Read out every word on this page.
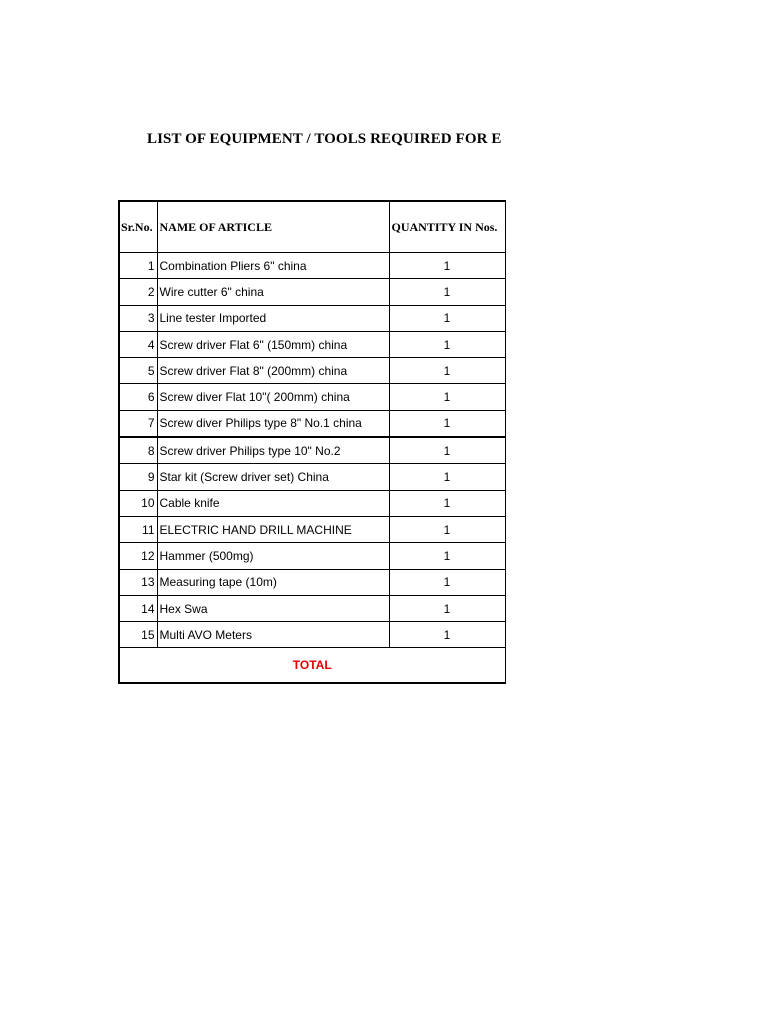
LIST OF EQUIPMENT / TOOLS REQUIRED FOR E
Sr.No.	NAME OF ARTICLE	QUANTITY IN Nos.
1	Combination Pliers 6" china	1
2	Wire cutter 6" china	1
3	Line tester Imported	1
4	Screw driver Flat 6" (150mm) china	1
5	Screw driver Flat 8" (200mm) china	1
6	Screw diver Flat 10"( 200mm) china	1
7	Screw diver Philips type 8" No.1 china	1
8	Screw driver Philips type 10" No.2	1
9	Star kit (Screw driver set) China	1
10	Cable knife	1
11	ELECTRIC HAND DRILL MACHINE	1
12	Hammer (500mg)	1
13	Measuring tape (10m)	1
14	Hex Swa	1
15	Multi AVO Meters	1
TOTAL		
